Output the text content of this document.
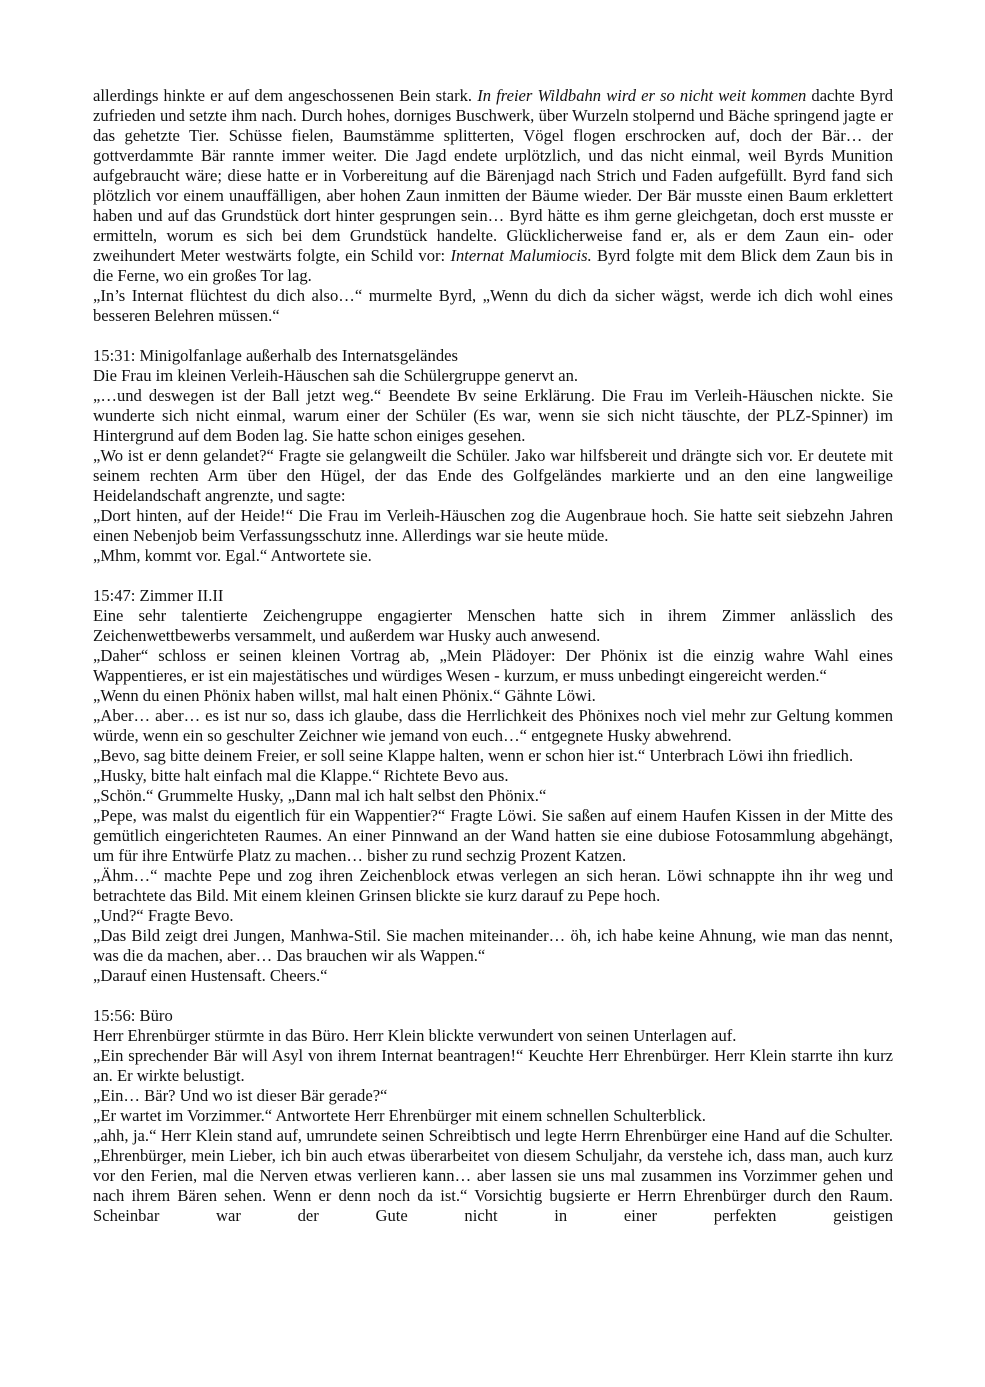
allerdings hinkte er auf dem angeschossenen Bein stark. In freier Wildbahn wird er so nicht weit kommen dachte Byrd zufrieden und setzte ihm nach. Durch hohes, dorniges Buschwerk, über Wurzeln stolpernd und Bäche springend jagte er das gehetzte Tier. Schüsse fielen, Baumstämme splitterten, Vögel flogen erschrocken auf, doch der Bär… der gottverdammte Bär rannte immer weiter. Die Jagd endete urplötzlich, und das nicht einmal, weil Byrds Munition aufgebraucht wäre; diese hatte er in Vorbereitung auf die Bärenjagd nach Strich und Faden aufgefüllt. Byrd fand sich plötzlich vor einem unauffälligen, aber hohen Zaun inmitten der Bäume wieder. Der Bär musste einen Baum erklettert haben und auf das Grundstück dort hinter gesprungen sein… Byrd hätte es ihm gerne gleichgetan, doch erst musste er ermitteln, worum es sich bei dem Grundstück handelte. Glücklicherweise fand er, als er dem Zaun ein- oder zweihundert Meter westwärts folgte, ein Schild vor: Internat Malumiocis. Byrd folgte mit dem Blick dem Zaun bis in die Ferne, wo ein großes Tor lag.

„In’s Internat flüchtest du dich also…“ murmelte Byrd, „Wenn du dich da sicher wägst, werde ich dich wohl eines besseren Belehren müssen.“

15:31: Minigolfanlage außerhalb des Internatsgeländes

Die Frau im kleinen Verleih-Häuschen sah die Schülergruppe genervt an.

„…und deswegen ist der Ball jetzt weg.“ Beendete Bv seine Erklärung. Die Frau im Verleih-Häuschen nickte. Sie wunderte sich nicht einmal, warum einer der Schüler (Es war, wenn sie sich nicht täuschte, der PLZ-Spinner) im Hintergrund auf dem Boden lag. Sie hatte schon einiges gesehen.

„Wo ist er denn gelandet?“ Fragte sie gelangweilt die Schüler. Jako war hilfsbereit und drängte sich vor. Er deutete mit seinem rechten Arm über den Hügel, der das Ende des Golfgeländes markierte und an den eine langweilige Heidelandschaft angrenzte, und sagte:

„Dort hinten, auf der Heide!“ Die Frau im Verleih-Häuschen zog die Augenbraue hoch. Sie hatte seit siebzehn Jahren einen Nebenjob beim Verfassungsschutz inne. Allerdings war sie heute müde.

„Mhm, kommt vor. Egal.“ Antwortete sie.

15:47: Zimmer II.II

Eine sehr talentierte Zeichengruppe engagierter Menschen hatte sich in ihrem Zimmer anlässlich des Zeichenwettbewerbs versammelt, und außerdem war Husky auch anwesend.

„Daher“ schloss er seinen kleinen Vortrag ab, „Mein Plädoyer: Der Phönix ist die einzig wahre Wahl eines Wappentieres, er ist ein majestätisches und würdiges Wesen - kurzum, er muss unbedingt eingereicht werden.“

„Wenn du einen Phönix haben willst, mal halt einen Phönix.“ Gähnte Löwi.

„Aber… aber… es ist nur so, dass ich glaube, dass die Herrlichkeit des Phönixes noch viel mehr zur Geltung kommen würde, wenn ein so geschulter Zeichner wie jemand von euch…“ entgegnete Husky abwehrend.

„Bevo, sag bitte deinem Freier, er soll seine Klappe halten, wenn er schon hier ist.“ Unterbrach Löwi ihn friedlich.

„Husky, bitte halt einfach mal die Klappe.“ Richtete Bevo aus.

„Schön.“ Grummelte Husky, „Dann mal ich halt selbst den Phönix.“

„Pepe, was malst du eigentlich für ein Wappentier?“ Fragte Löwi. Sie saßen auf einem Haufen Kissen in der Mitte des gemütlich eingerichteten Raumes. An einer Pinnwand an der Wand hatten sie eine dubiose Fotosammlung abgehängt, um für ihre Entwürfe Platz zu machen… bisher zu rund sechzig Prozent Katzen.

„Ähm…“ machte Pepe und zog ihren Zeichenblock etwas verlegen an sich heran. Löwi schnappte ihn ihr weg und betrachtete das Bild. Mit einem kleinen Grinsen blickte sie kurz darauf zu Pepe hoch.

„Und?“ Fragte Bevo.

„Das Bild zeigt drei Jungen, Manhwa-Stil. Sie machen miteinander… öh, ich habe keine Ahnung, wie man das nennt, was die da machen, aber… Das brauchen wir als Wappen.“

„Darauf einen Hustensaft. Cheers.“

15:56: Büro

Herr Ehrenbürger stürmte in das Büro. Herr Klein blickte verwundert von seinen Unterlagen auf.

„Ein sprechender Bär will Asyl von ihrem Internat beantragen!“ Keuchte Herr Ehrenbürger. Herr Klein starrte ihn kurz an. Er wirkte belustigt.

„Ein… Bär? Und wo ist dieser Bär gerade?“

„Er wartet im Vorzimmer.“ Antwortete Herr Ehrenbürger mit einem schnellen Schulterblick.

„ahh, ja.“ Herr Klein stand auf, umrundete seinen Schreibtisch und legte Herrn Ehrenbürger eine Hand auf die Schulter. „Ehrenbürger, mein Lieber, ich bin auch etwas überarbeitet von diesem Schuljahr, da verstehe ich, dass man, auch kurz vor den Ferien, mal die Nerven etwas verlieren kann… aber lassen sie uns mal zusammen ins Vorzimmer gehen und nach ihrem Bären sehen. Wenn er denn noch da ist.“ Vorsichtig bugsierte er Herrn Ehrenbürger durch den Raum. Scheinbar war der Gute nicht in einer perfekten geistigen
